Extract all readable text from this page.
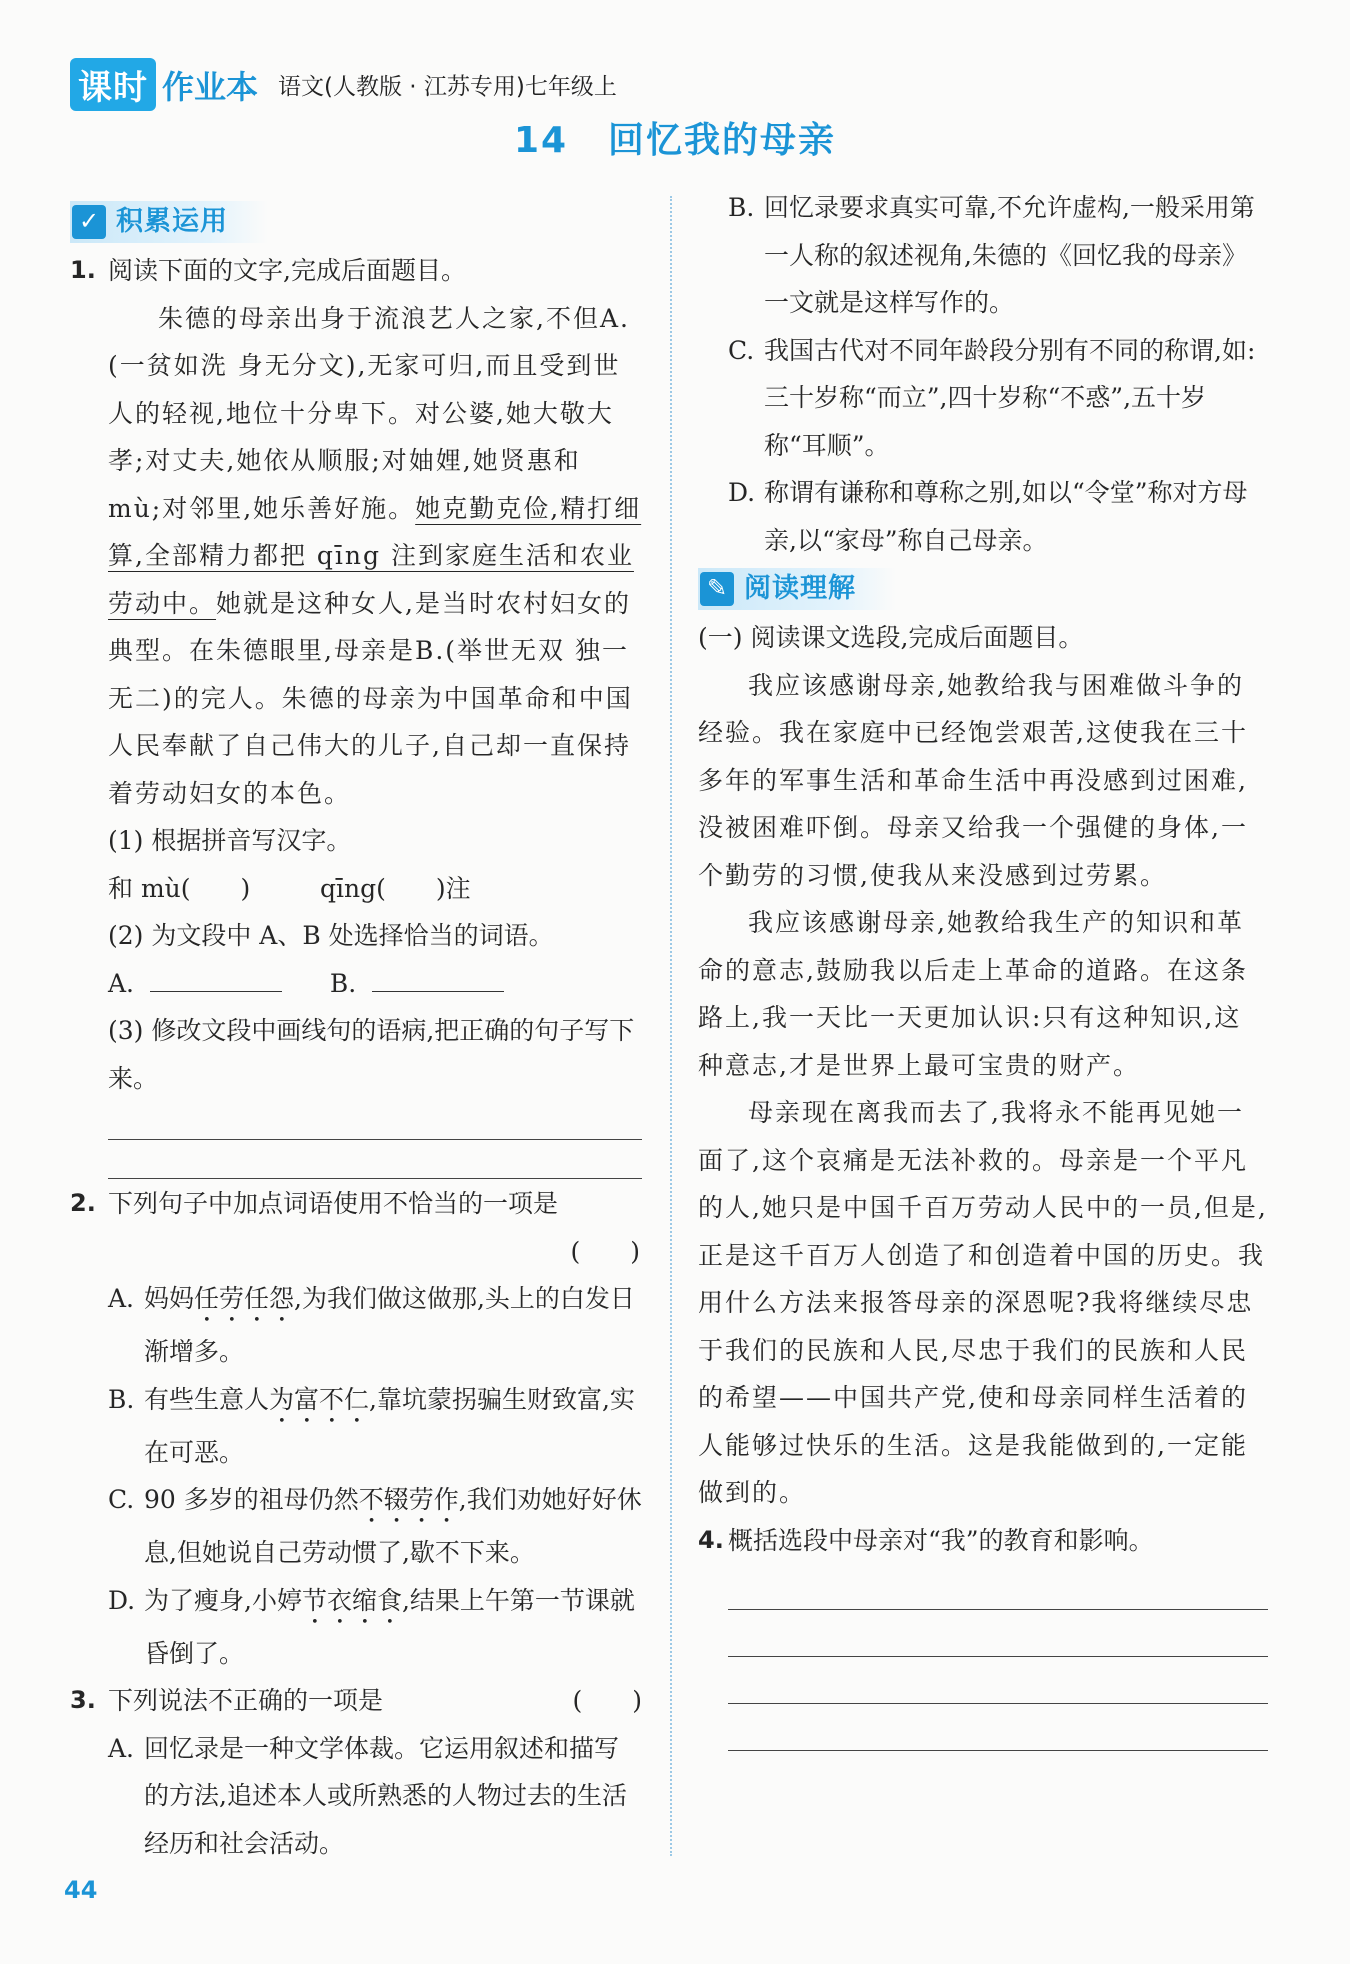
课时 作业本 语文(人教版 · 江苏专用)七年级上
14 回忆我的母亲
✓ 积累运用
1. 阅读下面的文字,完成后面题目。
朱德的母亲出身于流浪艺人之家,不但A.(一贫如洗 身无分文),无家可归,而且受到世人的轻视,地位十分卑下。对公婆,她大敬大孝;对丈夫,她依从顺服;对妯娌,她贤惠和 mù;对邻里,她乐善好施。她克勤克俭,精打细算,全部精力都把 qīng 注到家庭生活和农业劳动中。她就是这种女人,是当时农村妇女的典型。在朱德眼里,母亲是B.(举世无双 独一无二)的完人。朱德的母亲为中国革命和中国人民奉献了自己伟大的儿子,自己却一直保持着劳动妇女的本色。
(1) 根据拼音写汉字。
和 mù(　　)	qīng(　　)注
(2) 为文段中 A、B 处选择恰当的词语。
A.	B.
(3) 修改文段中画线句的语病,把正确的句子写下来。
2. 下列句子中加点词语使用不恰当的一项是
(　　)
A. 妈妈任劳任怨,为我们做这做那,头上的白发日渐增多。
B. 有些生意人为富不仁,靠坑蒙拐骗生财致富,实在可恶。
C. 90 多岁的祖母仍然不辍劳作,我们劝她好好休息,但她说自己劳动惯了,歇不下来。
D. 为了瘦身,小婷节衣缩食,结果上午第一节课就昏倒了。
3. 下列说法不正确的一项是	(　　)
A. 回忆录是一种文学体裁。它运用叙述和描写的方法,追述本人或所熟悉的人物过去的生活经历和社会活动。
B. 回忆录要求真实可靠,不允许虚构,一般采用第一人称的叙述视角,朱德的《回忆我的母亲》一文就是这样写作的。
C. 我国古代对不同年龄段分别有不同的称谓,如:三十岁称“而立”,四十岁称“不惑”,五十岁称“耳顺”。
D. 称谓有谦称和尊称之别,如以“令堂”称对方母亲,以“家母”称自己母亲。
✎ 阅读理解
(一) 阅读课文选段,完成后面题目。
我应该感谢母亲,她教给我与困难做斗争的经验。我在家庭中已经饱尝艰苦,这使我在三十多年的军事生活和革命生活中再没感到过困难,没被困难吓倒。母亲又给我一个强健的身体,一个勤劳的习惯,使我从来没感到过劳累。
我应该感谢母亲,她教给我生产的知识和革命的意志,鼓励我以后走上革命的道路。在这条路上,我一天比一天更加认识:只有这种知识,这种意志,才是世界上最可宝贵的财产。
母亲现在离我而去了,我将永不能再见她一面了,这个哀痛是无法补救的。母亲是一个平凡的人,她只是中国千百万劳动人民中的一员,但是,正是这千百万人创造了和创造着中国的历史。我用什么方法来报答母亲的深恩呢?我将继续尽忠于我们的民族和人民,尽忠于我们的民族和人民的希望——中国共产党,使和母亲同样生活着的人能够过快乐的生活。这是我能做到的,一定能做到的。
4. 概括选段中母亲对“我”的教育和影响。
44
